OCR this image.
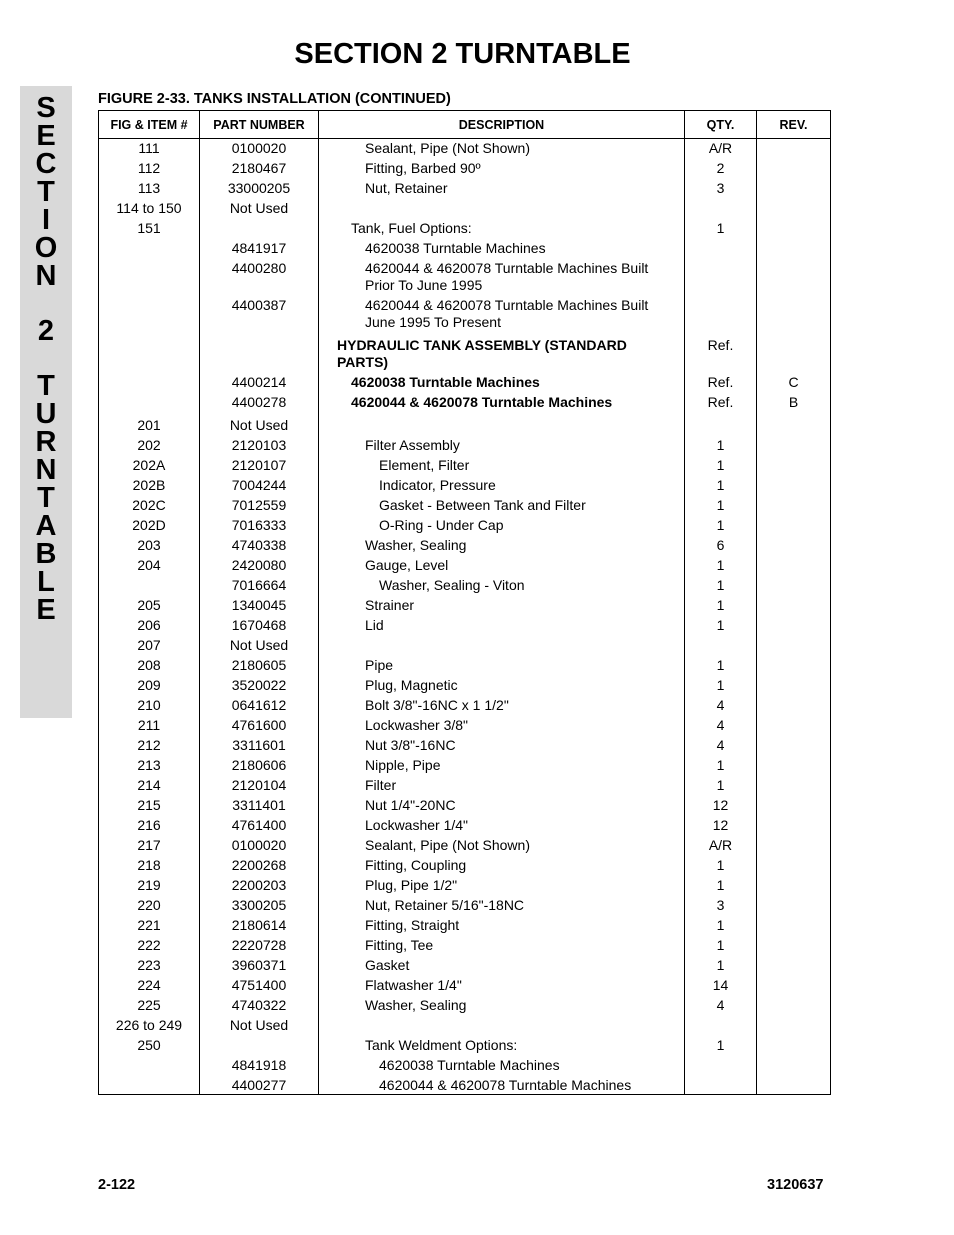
SECTION 2 TURNTABLE
S
E
C
T
I
O
N
2
T
U
R
N
T
A
B
L
E
FIGURE 2-33. TANKS INSTALLATION (CONTINUED)
FIG & ITEM #	PART NUMBER	DESCRIPTION	QTY.	REV.
111	0100020	Sealant, Pipe (Not Shown)	A/R	
112	2180467	Fitting, Barbed 90º	2	
113	33000205	Nut, Retainer	3	
114 to 150	Not Used			
151		Tank, Fuel Options:	1	
	4841917	4620038 Turntable Machines		
	4400280	4620044 & 4620078 Turntable Machines Built Prior To June 1995		
	4400387	4620044 & 4620078 Turntable Machines Built June 1995 To Present		

		HYDRAULIC TANK ASSEMBLY (STANDARD PARTS)	Ref.	
	4400214	4620038 Turntable Machines	Ref.	C
	4400278	4620044 & 4620078 Turntable Machines	Ref.	B

201	Not Used			
202	2120103	Filter Assembly	1	
202A	2120107	Element, Filter	1	
202B	7004244	Indicator, Pressure	1	
202C	7012559	Gasket - Between Tank and Filter	1	
202D	7016333	O-Ring - Under Cap	1	
203	4740338	Washer, Sealing	6	
204	2420080	Gauge, Level	1	
	7016664	Washer, Sealing - Viton	1	
205	1340045	Strainer	1	
206	1670468	Lid	1	
207	Not Used			
208	2180605	Pipe	1	
209	3520022	Plug, Magnetic	1	
210	0641612	Bolt 3/8"-16NC x 1 1/2"	4	
211	4761600	Lockwasher 3/8"	4	
212	3311601	Nut 3/8"-16NC	4	
213	2180606	Nipple, Pipe	1	
214	2120104	Filter	1	
215	3311401	Nut 1/4"-20NC	12	
216	4761400	Lockwasher 1/4"	12	
217	0100020	Sealant, Pipe (Not Shown)	A/R	
218	2200268	Fitting, Coupling	1	
219	2200203	Plug, Pipe 1/2"	1	
220	3300205	Nut, Retainer 5/16"-18NC	3	
221	2180614	Fitting, Straight	1	
222	2220728	Fitting, Tee	1	
223	3960371	Gasket	1	
224	4751400	Flatwasher 1/4"	14	
225	4740322	Washer, Sealing	4	
226 to 249	Not Used			
250		Tank Weldment Options:	1	
	4841918	4620038 Turntable Machines		
	4400277	4620044 & 4620078 Turntable Machines		
2-122	3120637
